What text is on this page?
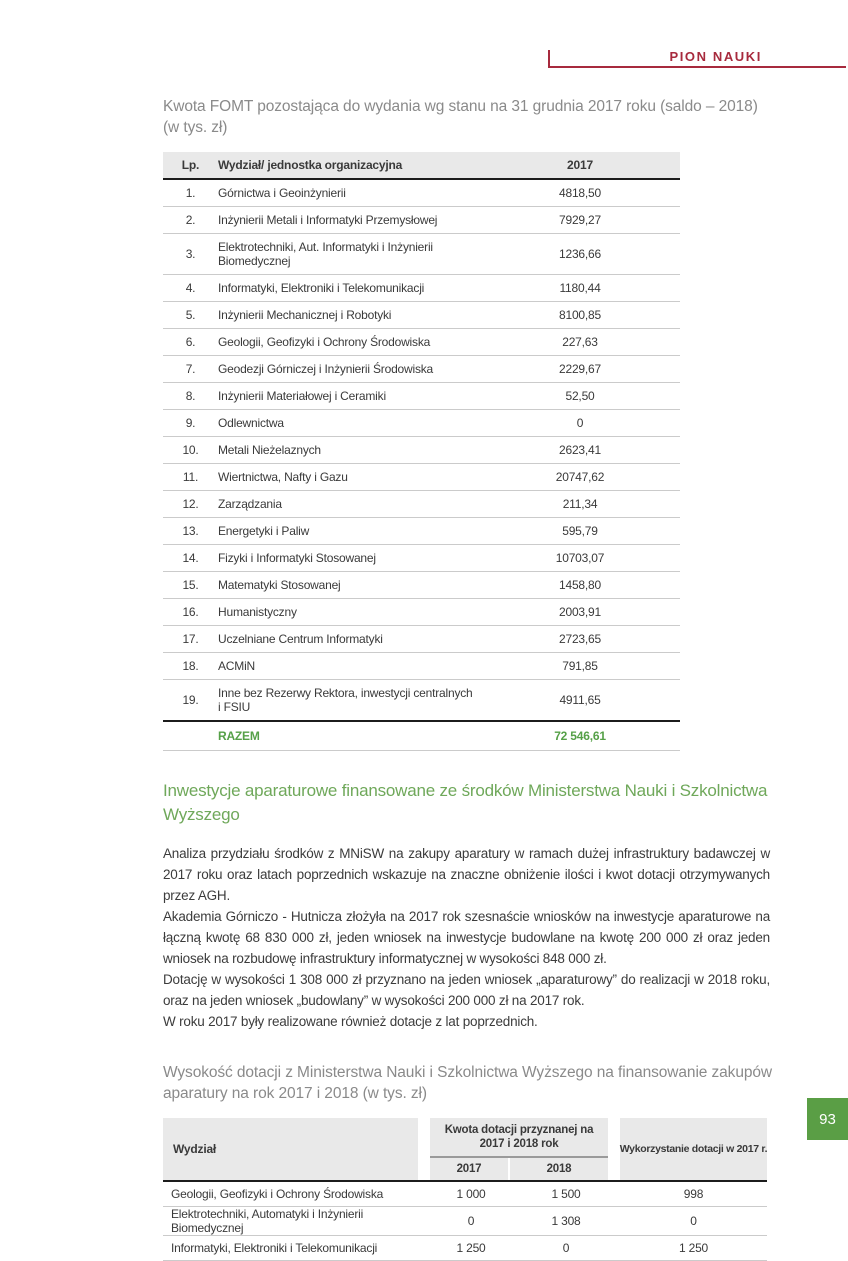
PION NAUKI
Kwota FOMT pozostająca do wydania wg stanu na 31 grudnia 2017 roku (saldo – 2018)
(w tys. zł)
Lp.	Wydział/ jednostka organizacyjna	2017
1.	Górnictwa i Geoinżynierii	4818,50
2.	Inżynierii Metali i Informatyki Przemysłowej	7929,27
3.	Elektrotechniki, Aut. Informatyki i Inżynierii Biomedycznej	1236,66
4.	Informatyki, Elektroniki i Telekomunikacji	1180,44
5.	Inżynierii Mechanicznej i Robotyki	8100,85
6.	Geologii, Geofizyki i Ochrony Środowiska	227,63
7.	Geodezji Górniczej i Inżynierii Środowiska	2229,67
8.	Inżynierii Materiałowej i Ceramiki	52,50
9.	Odlewnictwa	0
10.	Metali Nieżelaznych	2623,41
11.	Wiertnictwa, Nafty i Gazu	20747,62
12.	Zarządzania	211,34
13.	Energetyki i Paliw	595,79
14.	Fizyki i Informatyki Stosowanej	10703,07
15.	Matematyki Stosowanej	1458,80
16.	Humanistyczny	2003,91
17.	Uczelniane Centrum Informatyki	2723,65
18.	ACMiN	791,85
19.	Inne bez Rezerwy Rektora, inwestycji centralnych i FSIU	4911,65
	RAZEM	72 546,61
Inwestycje aparaturowe finansowane ze środków Ministerstwa Nauki i Szkolnictwa Wyższego

Analiza przydziału środków z MNiSW na zakupy aparatury w ramach dużej infrastruktury badawczej w 2017 roku oraz latach poprzednich wskazuje na znaczne obniżenie ilości i kwot dotacji otrzymywanych przez AGH.

Akademia Górniczo - Hutnicza złożyła na 2017 rok szesnaście wniosków na inwestycje aparaturowe na łączną kwotę 68 830 000 zł, jeden wniosek na inwestycje budowlane na kwotę 200 000 zł oraz jeden wniosek na rozbudowę infrastruktury informatycznej w wysokości 848 000 zł.

Dotację w wysokości 1 308 000 zł przyznano na jeden wniosek „aparaturowy” do realizacji w 2018 roku, oraz na jeden wniosek „budowlany” w wysokości 200 000 zł na 2017 rok.

W roku 2017 były realizowane również dotacje z lat poprzednich.

Wysokość dotacji z Ministerstwa Nauki i Szkolnictwa Wyższego na finansowanie zakupów
aparatury na rok 2017 i 2018 (w tys. zł)
Wydział
Kwota dotacji przyznanej na
2017 i 2018 rok
2017	2018
Wykorzystanie dotacji w 2017 r.
Geologii, Geofizyki i Ochrony Środowiska	1 000	1 500	998
Elektrotechniki, Automatyki i Inżynierii Biomedycznej	0	1 308	0
Informatyki, Elektroniki i Telekomunikacji	1 250	0	1 250
93
